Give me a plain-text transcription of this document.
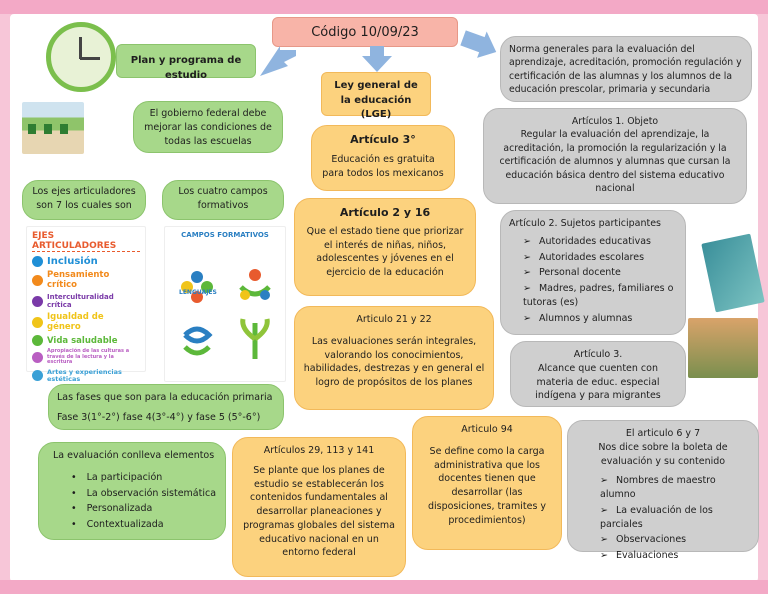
Código 10/09/23
Plan y programa de estudio
Ley general de la educación (LGE)
Norma generales para la evaluación del aprendizaje, acreditación, promoción regulación y certificación de las alumnas y los alumnos de la educación prescolar, primaria y secundaria
El gobierno federal debe mejorar las condiciones de todas las escuelas	Artículo 3°
Educación es gratuita para todos los mexicanos
Artículos 1. Objeto
Regular la evaluación del aprendizaje, la acreditación, la promoción la regularización y la certificación de alumnos y alumnas que cursan la educación básica dentro del sistema educativo nacional
Los ejes articuladores son 7 los cuales son
Los cuatro campos formativos
Artículo 2 y 16
Que el estado tiene que priorizar el interés de niñas, niños, adolescentes y jóvenes en el ejercicio de la educación
Artículo 2. Sujetos participantes
➢ Autoridades educativas
➢ Autoridades escolares
➢ Personal docente
➢ Madres, padres, familiares o tutoras (es)
➢ Alumnos y alumnas
EJES ARTICULADORES
Inclusión
Pensamiento crítico
Interculturalidad crítica
Igualdad de género
Vida saludable
Apropiación de las culturas a través de la lectura y la escritura
Artes y experiencias estéticas
CAMPOS FORMATIVOS
LENGUAJES
Articulo 21 y 22
Las evaluaciones serán integrales, valorando los conocimientos, habilidades, destrezas y en general el logro de propósitos de los planes
Artículo 3.
Alcance que cuenten con materia de educ. especial indígena y para migrantes
Las fases que son para la educación primaria
Fase 3(1°-2°) fase 4(3°-4°) y fase 5 (5°-6°)
La evaluación conlleva elementos
• La participación
• La observación sistemática
• Personalizada
• Contextualizada
Artículos 29, 113 y 141
Se plante que los planes de estudio se establecerán los contenidos fundamentales al desarrollar planeaciones y programas globales del sistema educativo nacional en un entorno federal
Articulo 94
Se define como la carga administrativa que los docentes tienen que desarrollar (las disposiciones, tramites y procedimientos)
El articulo 6 y 7
Nos dice sobre la boleta de evaluación y su contenido
➢ Nombres de maestro alumno
➢ La evaluación de los parciales
➢ Observaciones
➢ Evaluaciones
